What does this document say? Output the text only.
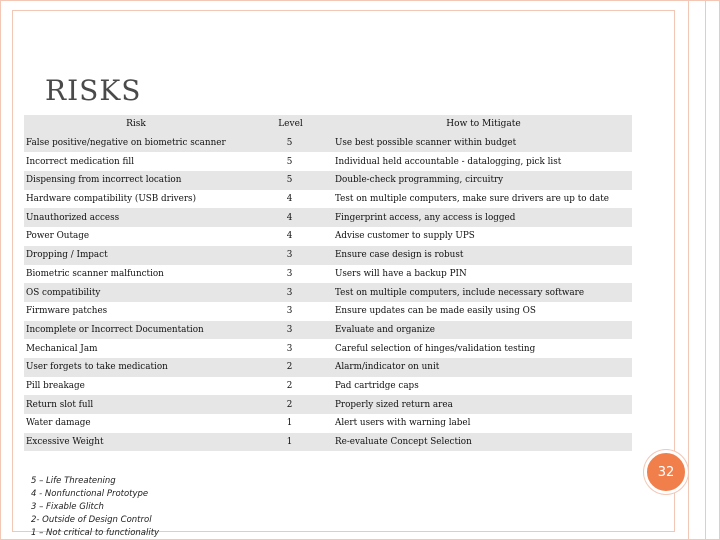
RISKS
Risk	Level	How to Mitigate
False positive/negative on biometric scanner	5	Use best possible scanner within budget
Incorrect medication fill	5	Individual held accountable - datalogging, pick list
Dispensing from incorrect location	5	Double-check programming, circuitry
Hardware compatibility (USB drivers)	4	Test on multiple computers, make sure drivers are up to date
Unauthorized access	4	Fingerprint access, any access is logged
Power Outage	4	Advise customer to supply UPS
Dropping / Impact	3	Ensure case design is robust
Biometric scanner malfunction	3	Users will have a backup PIN
OS compatibility	3	Test on multiple computers, include necessary software
Firmware patches	3	Ensure updates can be made easily using OS
Incomplete or Incorrect Documentation	3	Evaluate and organize
Mechanical Jam	3	Careful selection of hinges/validation testing
User forgets to take medication	2	Alarm/indicator on unit
Pill breakage	2	Pad cartridge caps
Return slot full	2	Properly sized return area
Water damage	1	Alert users with warning label
Excessive Weight	1	Re-evaluate Concept Selection
5 – Life Threatening
4 - Nonfunctional Prototype
3 – Fixable Glitch
2- Outside of Design Control
1 – Not critical to functionality
32
